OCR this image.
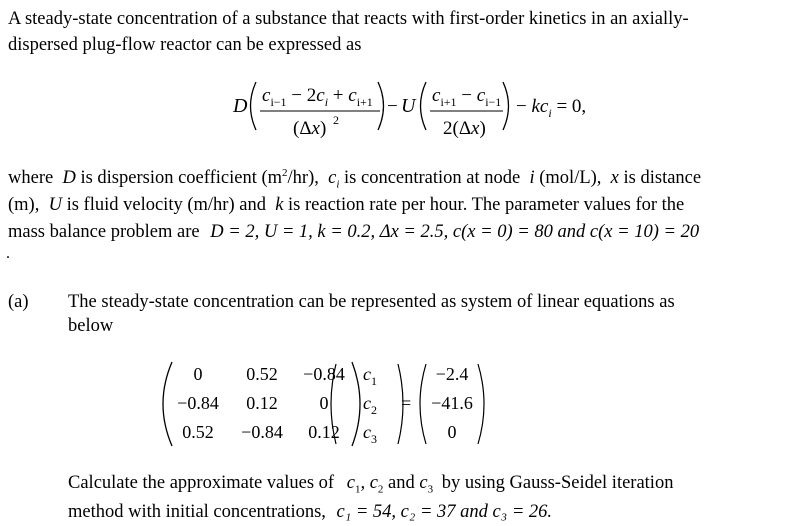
A steady-state concentration of a substance that reacts with first-order kinetics in an axially-
dispersed plug-flow reactor can be expressed as
D $c_{i-1} - 2c_i + c_{i+1}$
(Δx) 2
− U $c_{i+1} - c_{i-1}$
2(Δx)
− $kc_i = 0$,
where  D is dispersion coefficient $(m^2/hr)$,  $c_i$ is concentration at node  i (mol/L),  x is distance
(m),  U is fluid velocity (m/hr) and  k is reaction rate per hour. The parameter values for the
mass balance problem are D = 2, U = 1, k = 0.2, Δx = 2.5, c(x = 0) = 80 and c(x = 10) = 20
.
(a) The steady-state concentration can be represented as system of linear equations as
below
0 0.52 −0.84
−0.84 0.12 0
0.52 −0.84 0.12
$c_1$
$c_2$
$c_3$
=
−2.4
−41.6
0
Calculate the approximate values of $c_1$, $c_2$ and $c_3$ by using Gauss-Seidel iteration
method with initial concentrations, c₁ = 54, c₂ = 37 and c₃ = 26.
